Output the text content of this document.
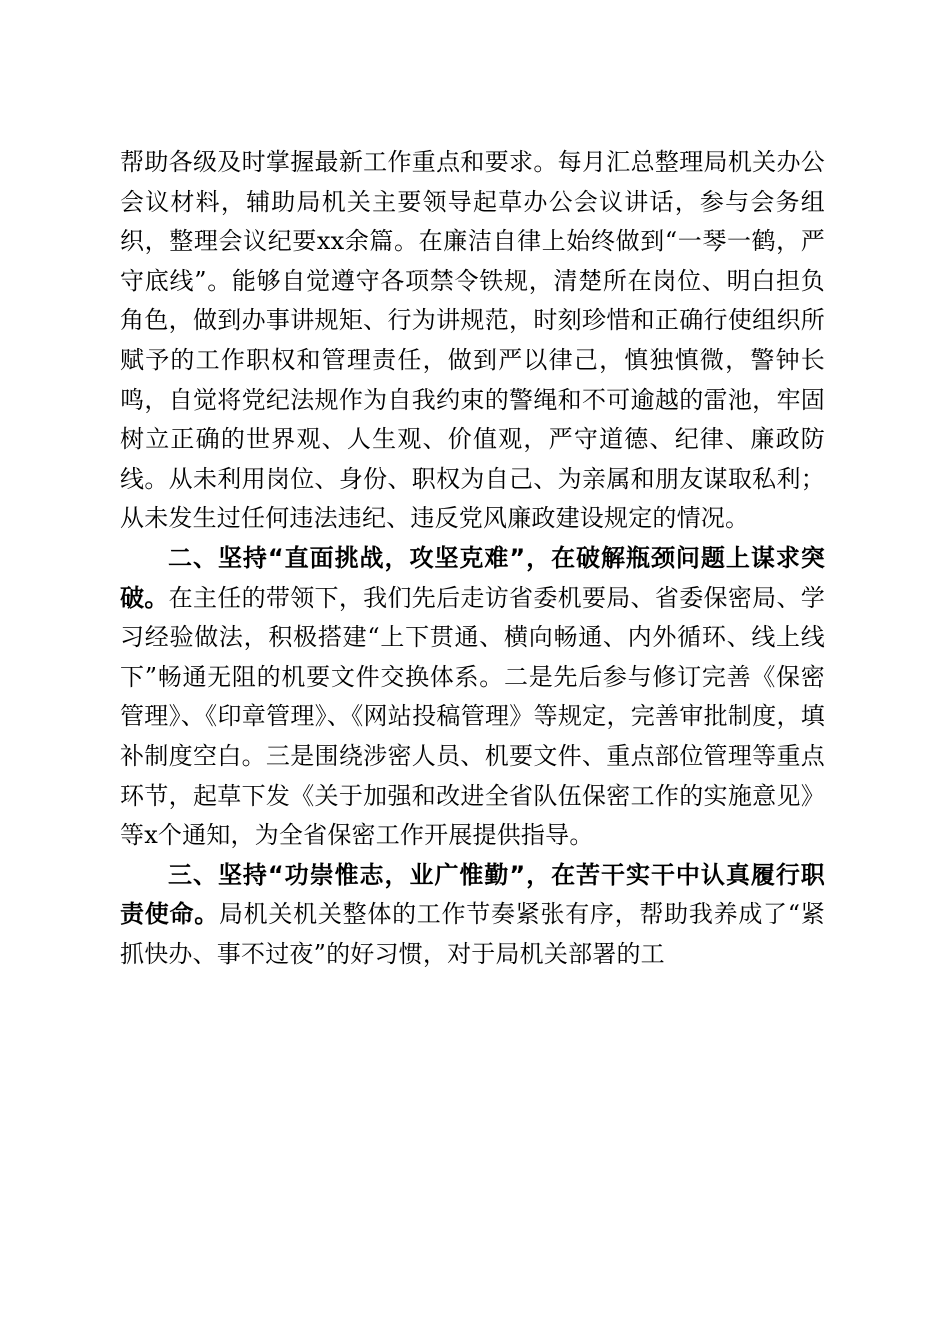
帮助各级及时掌握最新工作重点和要求。每月汇总整理局机关办公会议材料，辅助局机关主要领导起草办公会议讲话，参与会务组织，整理会议纪要xx余篇。在廉洁自律上始终做到“一琴一鹤，严守底线”。能够自觉遵守各项禁令铁规，清楚所在岗位、明白担负角色，做到办事讲规矩、行为讲规范，时刻珍惜和正确行使组织所赋予的工作职权和管理责任，做到严以律己，慎独慎微，警钟长鸣，自觉将党纪法规作为自我约束的警绳和不可逾越的雷池，牢固树立正确的世界观、人生观、价值观，严守道德、纪律、廉政防线。从未利用岗位、身份、职权为自己、为亲属和朋友谋取私利；从未发生过任何违法违纪、违反党风廉政建设规定的情况。

二、坚持“直面挑战，攻坚克难”，在破解瓶颈问题上谋求突破。在主任的带领下，我们先后走访省委机要局、省委保密局、学习经验做法，积极搭建“上下贯通、横向畅通、内外循环、线上线下”畅通无阻的机要文件交换体系。二是先后参与修订完善《保密管理》、《印章管理》、《网站投稿管理》等规定，完善审批制度，填补制度空白。三是围绕涉密人员、机要文件、重点部位管理等重点环节，起草下发《关于加强和改进全省队伍保密工作的实施意见》等x个通知，为全省保密工作开展提供指导。

三、坚持“功崇惟志，业广惟勤”，在苦干实干中认真履行职责使命。局机关机关整体的工作节奏紧张有序，帮助我养成了“紧抓快办、事不过夜”的好习惯，对于局机关部署的工
